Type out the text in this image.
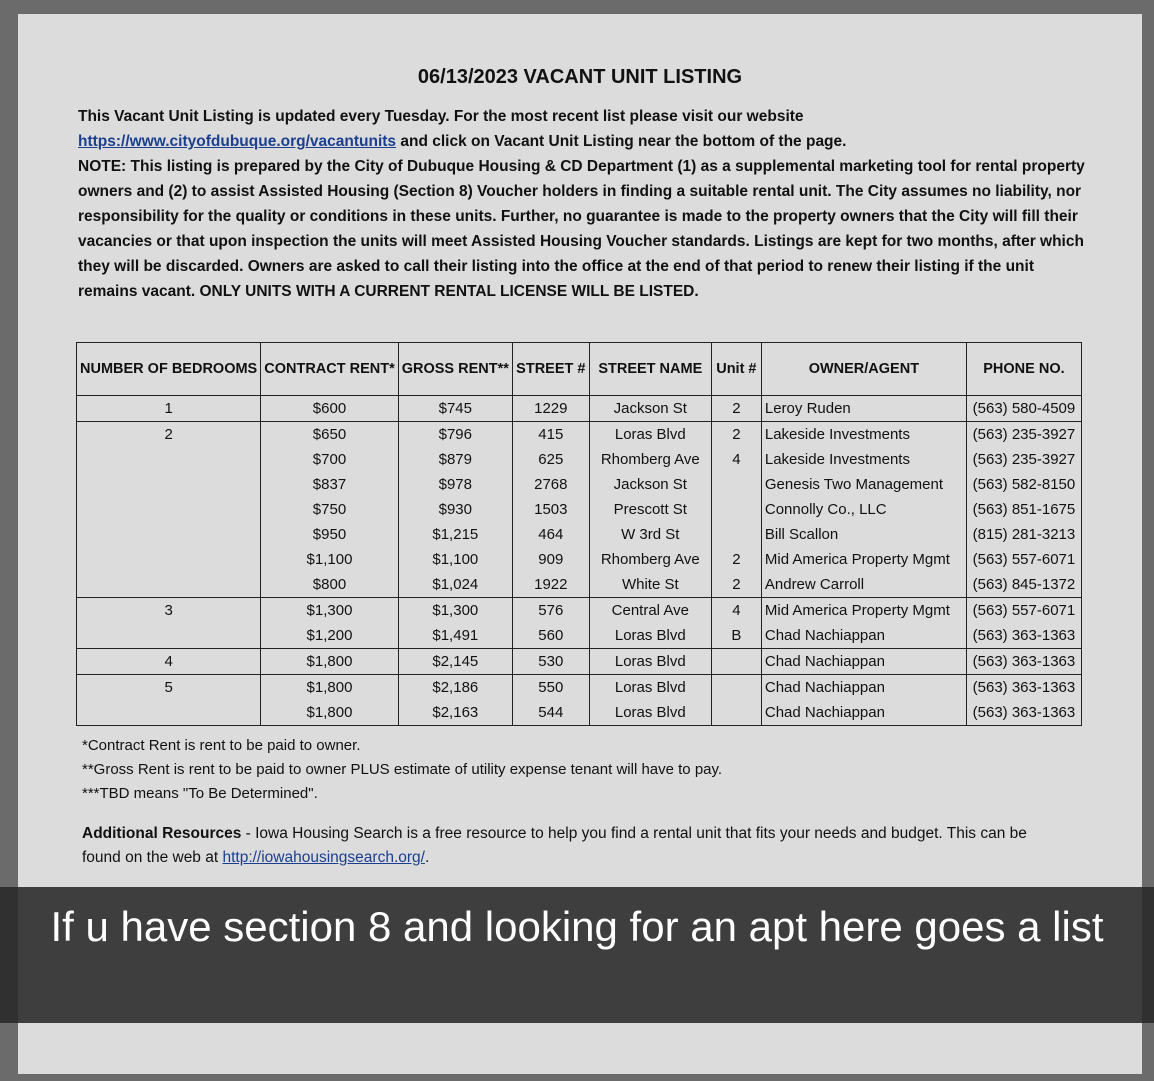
06/13/2023 VACANT UNIT LISTING
This Vacant Unit Listing is updated every Tuesday. For the most recent list please visit our website
https://www.cityofdubuque.org/vacantunits and click on Vacant Unit Listing near the bottom of the page.
NOTE: This listing is prepared by the City of Dubuque Housing & CD Department (1) as a supplemental marketing tool for rental property owners and (2) to assist Assisted Housing (Section 8) Voucher holders in finding a suitable rental unit. The City assumes no liability, nor responsibility for the quality or conditions in these units. Further, no guarantee is made to the property owners that the City will fill their vacancies or that upon inspection the units will meet Assisted Housing Voucher standards. Listings are kept for two months, after which they will be discarded. Owners are asked to call their listing into the office at the end of that period to renew their listing if the unit remains vacant. ONLY UNITS WITH A CURRENT RENTAL LICENSE WILL BE LISTED.
NUMBER OF BEDROOMS	CONTRACT RENT*	GROSS RENT**	STREET #	STREET NAME	Unit #	OWNER/AGENT	PHONE NO.
1	$600	$745	1229	Jackson St	2	Leroy Ruden	(563) 580-4509
2	$650	$796	415	Loras Blvd	2	Lakeside Investments	(563) 235-3927
	$700	$879	625	Rhomberg Ave	4	Lakeside Investments	(563) 235-3927
	$837	$978	2768	Jackson St		Genesis Two Management	(563) 582-8150
	$750	$930	1503	Prescott St		Connolly Co., LLC	(563) 851-1675
	$950	$1,215	464	W 3rd St		Bill Scallon	(815) 281-3213
	$1,100	$1,100	909	Rhomberg Ave	2	Mid America Property Mgmt	(563) 557-6071
	$800	$1,024	1922	White St	2	Andrew Carroll	(563) 845-1372
3	$1,300	$1,300	576	Central Ave	4	Mid America Property Mgmt	(563) 557-6071
	$1,200	$1,491	560	Loras Blvd	B	Chad Nachiappan	(563) 363-1363
4	$1,800	$2,145	530	Loras Blvd		Chad Nachiappan	(563) 363-1363
5	$1,800	$2,186	550	Loras Blvd		Chad Nachiappan	(563) 363-1363
	$1,800	$2,163	544	Loras Blvd		Chad Nachiappan	(563) 363-1363
*Contract Rent is rent to be paid to owner.
**Gross Rent is rent to be paid to owner PLUS estimate of utility expense tenant will have to pay.
***TBD means "To Be Determined".
Additional Resources - Iowa Housing Search is a free resource to help you find a rental unit that fits your needs and budget. This can be found on the web at http://iowahousingsearch.org/.
If u have section 8 and looking for an apt here goes a list
